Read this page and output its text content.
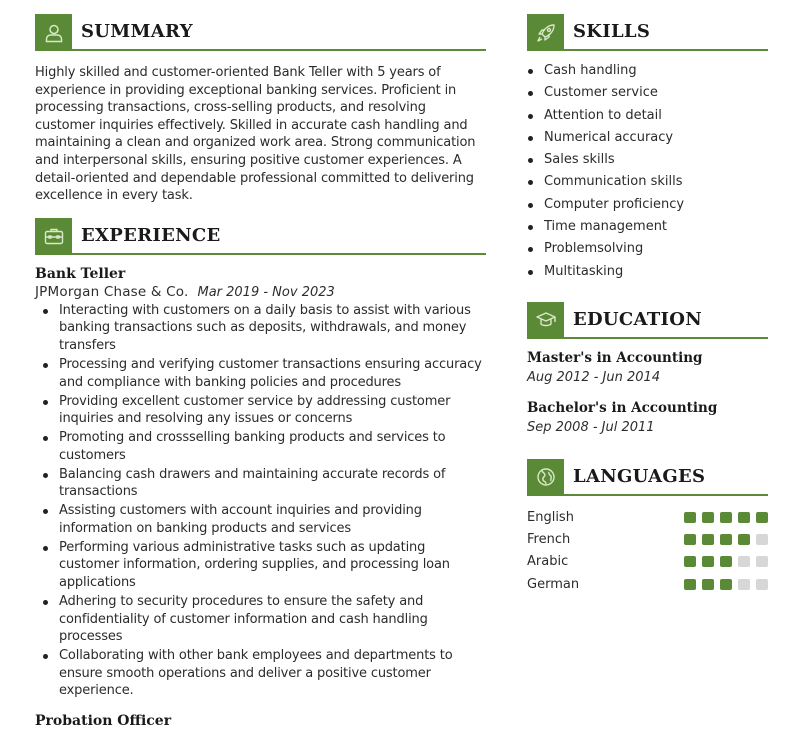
SUMMARY

Highly skilled and customer-oriented Bank Teller with 5 years of experience in providing exceptional banking services. Proficient in processing transactions, cross-selling products, and resolving customer inquiries effectively. Skilled in accurate cash handling and maintaining a clean and organized work area. Strong communication and interpersonal skills, ensuring positive customer experiences. A detail-oriented and dependable professional committed to delivering excellence in every task.

EXPERIENCE
Bank Teller
JPMorgan Chase & Co. Mar 2019 - Nov 2023
Interacting with customers on a daily basis to assist with various banking transactions such as deposits, withdrawals, and money transfers
Processing and verifying customer transactions ensuring accuracy and compliance with banking policies and procedures
Providing excellent customer service by addressing customer inquiries and resolving any issues or concerns
Promoting and crossselling banking products and services to customers
Balancing cash drawers and maintaining accurate records of transactions
Assisting customers with account inquiries and providing information on banking products and services
Performing various administrative tasks such as updating customer information, ordering supplies, and processing loan applications
Adhering to security procedures to ensure the safety and confidentiality of customer information and cash handling processes
Collaborating with other bank employees and departments to ensure smooth operations and deliver a positive customer experience.
Probation Officer
SKILLS
Cash handling
Customer service
Attention to detail
Numerical accuracy
Sales skills
Communication skills
Computer proficiency
Time management
Problemsolving
Multitasking
EDUCATION
Master's in Accounting
Aug 2012 - Jun 2014
Bachelor's in Accounting
Sep 2008 - Jul 2011
LANGUAGES
English
French
Arabic
German
